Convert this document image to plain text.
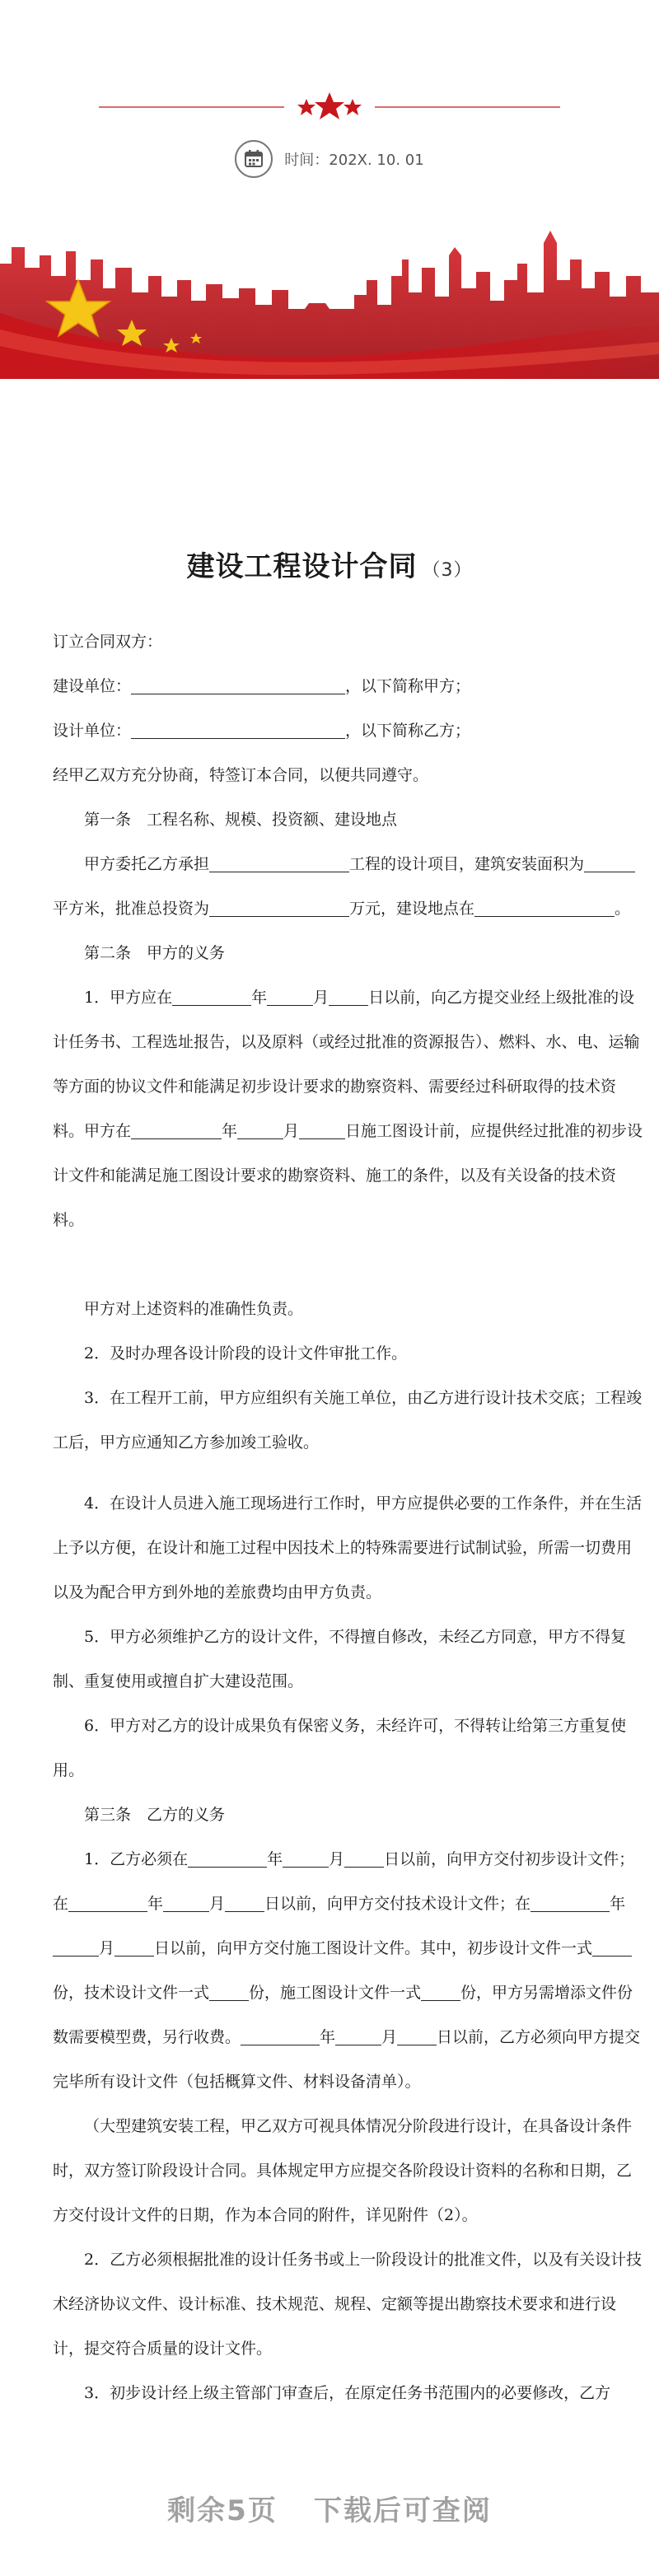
时间：202X. 10. 01
建设工程设计合同 （3）

订立合同双方：

建设单位：	，以下简称甲方；

设计单位：	，以下简称乙方；

经甲乙双方充分协商，特签订本合同，以便共同遵守。

第一条　工程名称、规模、投资额、建设地点

甲方委托乙方承担	工程的设计项目，建筑安装面积为平方米，批准总投资为	万元，建设地点在	。

第二条　甲方的义务

1．甲方应在	年	月	日以前，向乙方提交业经上级批准的设计任务书、工程选址报告，以及原料（或经过批准的资源报告）、燃料、水、电、运输等方面的协议文件和能满足初步设计要求的勘察资料、需要经过科研取得的技术资料。甲方在	年	月	日施工图设计前，应提供经过批准的初步设计文件和能满足施工图设计要求的勘察资料、施工的条件，以及有关设备的技术资料。

甲方对上述资料的准确性负责。

2．及时办理各设计阶段的设计文件审批工作。

3．在工程开工前，甲方应组织有关施工单位，由乙方进行设计技术交底；工程竣工后，甲方应通知乙方参加竣工验收。

4．在设计人员进入施工现场进行工作时，甲方应提供必要的工作条件，并在生活上予以方便，在设计和施工过程中因技术上的特殊需要进行试制试验，所需一切费用以及为配合甲方到外地的差旅费均由甲方负责。

5．甲方必须维护乙方的设计文件，不得擅自修改，未经乙方同意，甲方不得复制、重复使用或擅自扩大建设范围。

6．甲方对乙方的设计成果负有保密义务，未经许可，不得转让给第三方重复使用。

第三条　乙方的义务

1．乙方必须在	年	月	日以前，向甲方交付初步设计文件；在	年	月	日以前，向甲方交付技术设计文件；在	年月	日以前，向甲方交付施工图设计文件。其中，初步设计文件一式份，技术设计文件一式	份，施工图设计文件一式	份，甲方另需增添文件份数需要模型费，另行收费。	年	月	日以前，乙方必须向甲方提交完毕所有设计文件（包括概算文件、材料设备清单）。

（大型建筑安装工程，甲乙双方可视具体情况分阶段进行设计，在具备设计条件时，双方签订阶段设计合同。具体规定甲方应提交各阶段设计资料的名称和日期，乙方交付设计文件的日期，作为本合同的附件，详见附件（2）。

2．乙方必须根据批准的设计任务书或上一阶段设计的批准文件，以及有关设计技术经济协议文件、设计标准、技术规范、规程、定额等提出勘察技术要求和进行设计，提交符合质量的设计文件。

3．初步设计经上级主管部门审查后，在原定任务书范围内的必要修改，乙方

剩余5页 下载后可查阅
